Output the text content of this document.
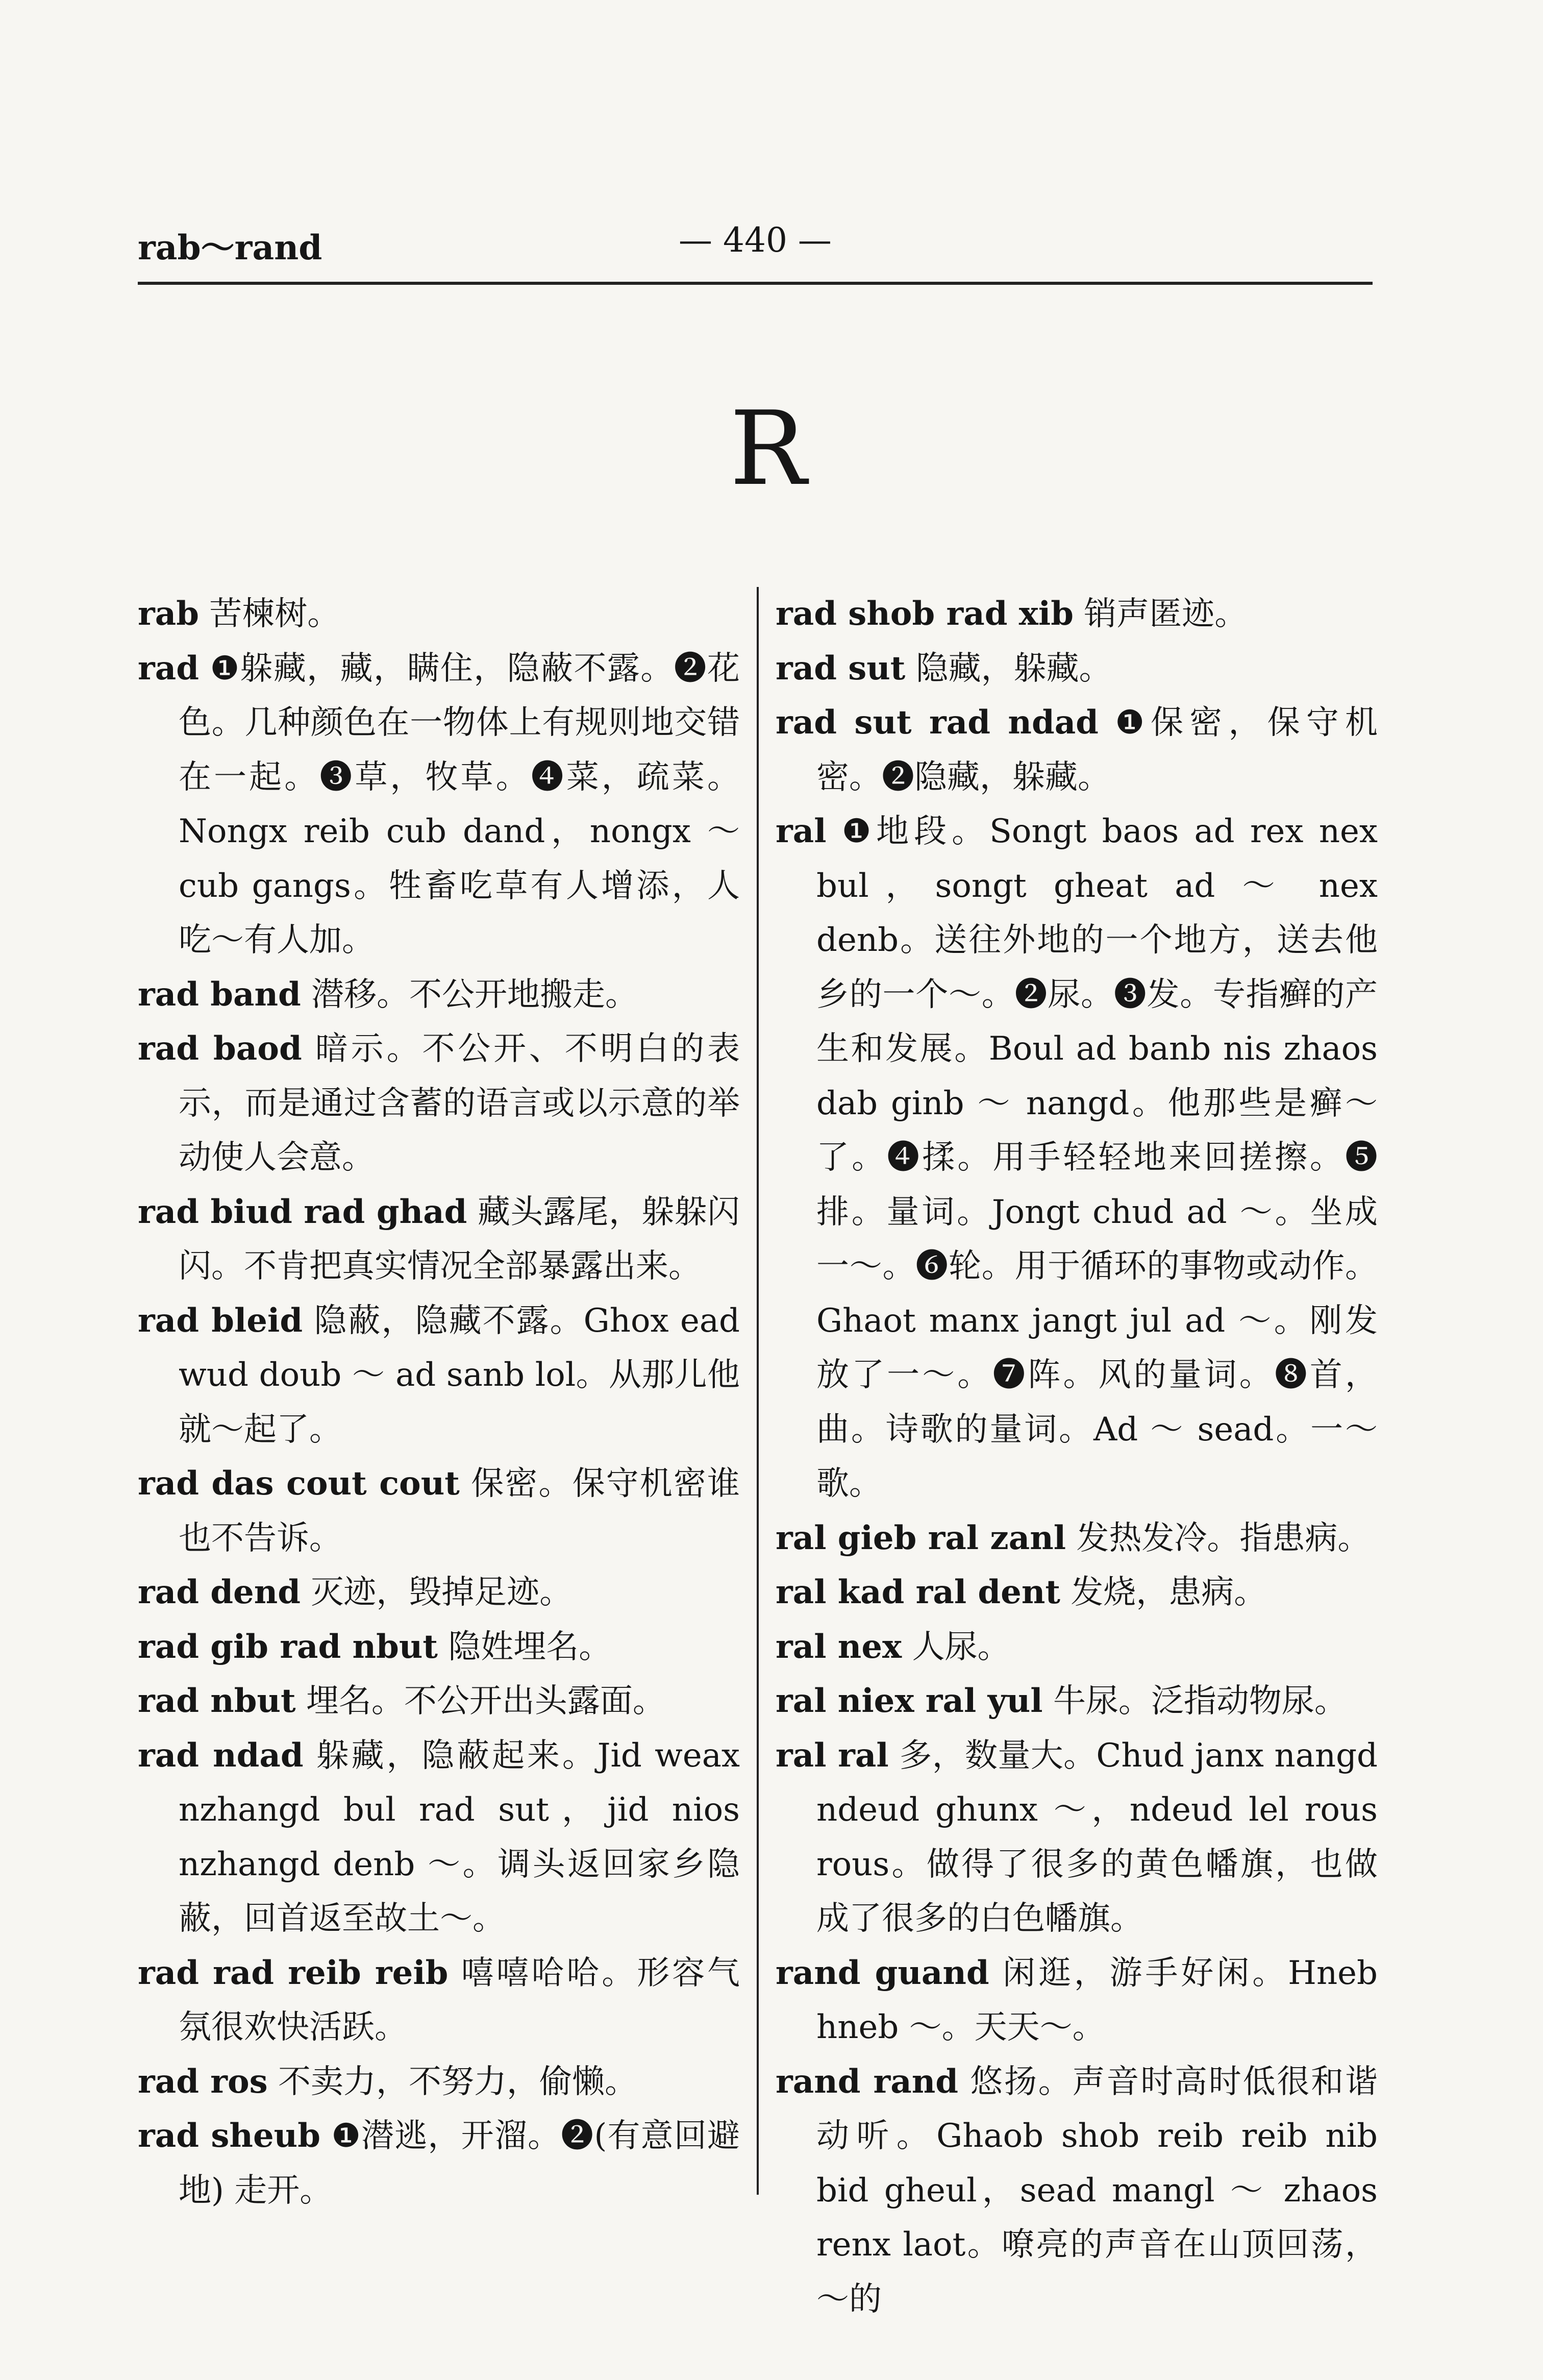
rab～rand	— 440 —
R

rab 苦楝树。

rad ❶躲藏，藏，瞒住，隐蔽不露。❷花色。几种颜色在一物体上有规则地交错在一起。❸草，牧草。❹菜，疏菜。Nongx reib cub dand，nongx ～ cub gangs。牲畜吃草有人增添，人吃～有人加。

rad band 潜移。不公开地搬走。

rad baod 暗示。不公开、不明白的表示，而是通过含蓄的语言或以示意的举动使人会意。

rad biud rad ghad 藏头露尾，躲躲闪闪。不肯把真实情况全部暴露出来。

rad bleid 隐蔽，隐藏不露。Ghox ead wud doub ～ ad sanb lol。从那儿他就～起了。

rad das cout cout 保密。保守机密谁也不告诉。

rad dend 灭迹，毁掉足迹。

rad gib rad nbut 隐姓埋名。

rad nbut 埋名。不公开出头露面。

rad ndad 躲藏，隐蔽起来。Jid weax nzhangd bul rad sut，jid nios nzhangd denb ～。调头返回家乡隐蔽，回首返至故土～。

rad rad reib reib 嘻嘻哈哈。形容气氛很欢快活跃。

rad ros 不卖力，不努力，偷懒。

rad sheub ❶潜逃，开溜。❷(有意回避地) 走开。

rad shob rad xib 销声匿迹。

rad sut 隐藏，躲藏。

rad sut rad ndad ❶保密，保守机密。❷隐藏，躲藏。

ral ❶地段。Songt baos ad rex nex bul，songt gheat ad ～ nex denb。送往外地的一个地方，送去他乡的一个～。❷尿。❸发。专指癣的产生和发展。Boul ad banb nis zhaos dab ginb ～ nangd。他那些是癣～了。❹揉。用手轻轻地来回搓擦。❺排。量词。Jongt chud ad ～。坐成一～。❻轮。用于循环的事物或动作。Ghaot manx jangt jul ad ～。刚发放了一～。❼阵。风的量词。❽首，曲。诗歌的量词。Ad ～ sead。一～歌。

ral gieb ral zanl 发热发冷。指患病。

ral kad ral dent 发烧，患病。

ral nex 人尿。

ral niex ral yul 牛尿。泛指动物尿。

ral ral 多，数量大。Chud janx nangd ndeud ghunx ～，ndeud lel rous rous。做得了很多的黄色幡旗，也做成了很多的白色幡旗。

rand guand 闲逛，游手好闲。Hneb hneb ～。天天～。

rand rand 悠扬。声音时高时低很和谐动听。Ghaob shob reib reib nib bid gheul，sead mangl ～ zhaos renx laot。嘹亮的声音在山顶回荡，～的
